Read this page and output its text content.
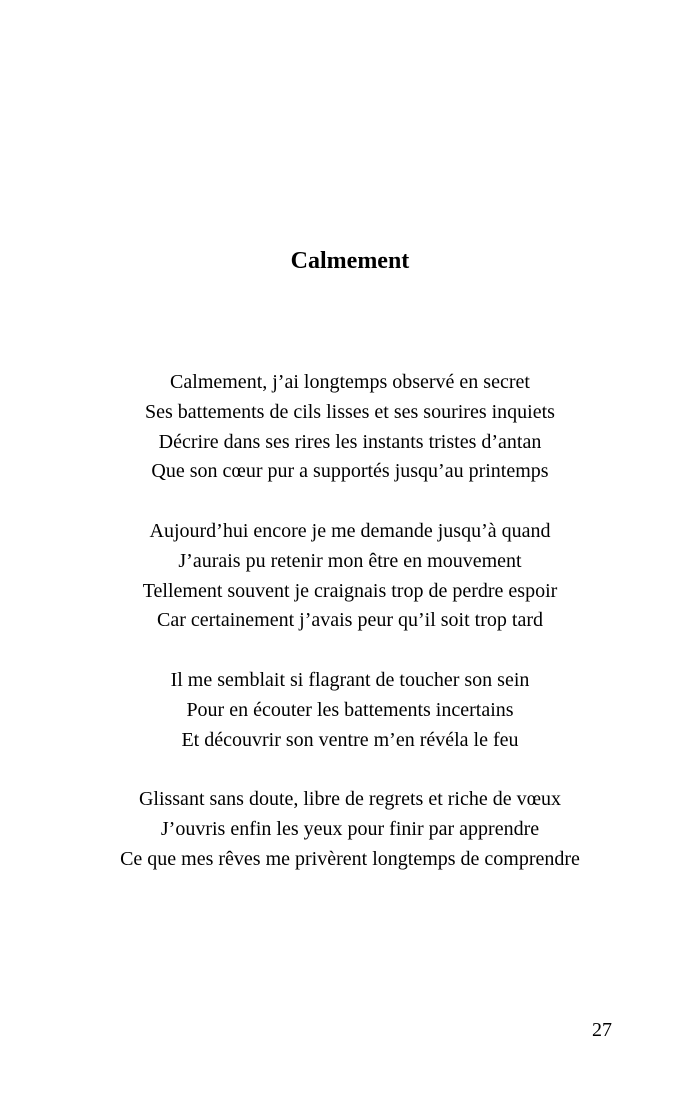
Calmement
Calmement, j’ai longtemps observé en secret
Ses battements de cils lisses et ses sourires inquiets
Décrire dans ses rires les instants tristes d’antan
Que son cœur pur a supportés jusqu’au printemps
Aujourd’hui encore je me demande jusqu’à quand
J’aurais pu retenir mon être en mouvement
Tellement souvent je craignais trop de perdre espoir
Car certainement j’avais peur qu’il soit trop tard
Il me semblait si flagrant de toucher son sein
Pour en écouter les battements incertains
Et découvrir son ventre m’en révéla le feu
Glissant sans doute, libre de regrets et riche de vœux
J’ouvris enfin les yeux pour finir par apprendre
Ce que mes rêves me privèrent longtemps de comprendre
27
